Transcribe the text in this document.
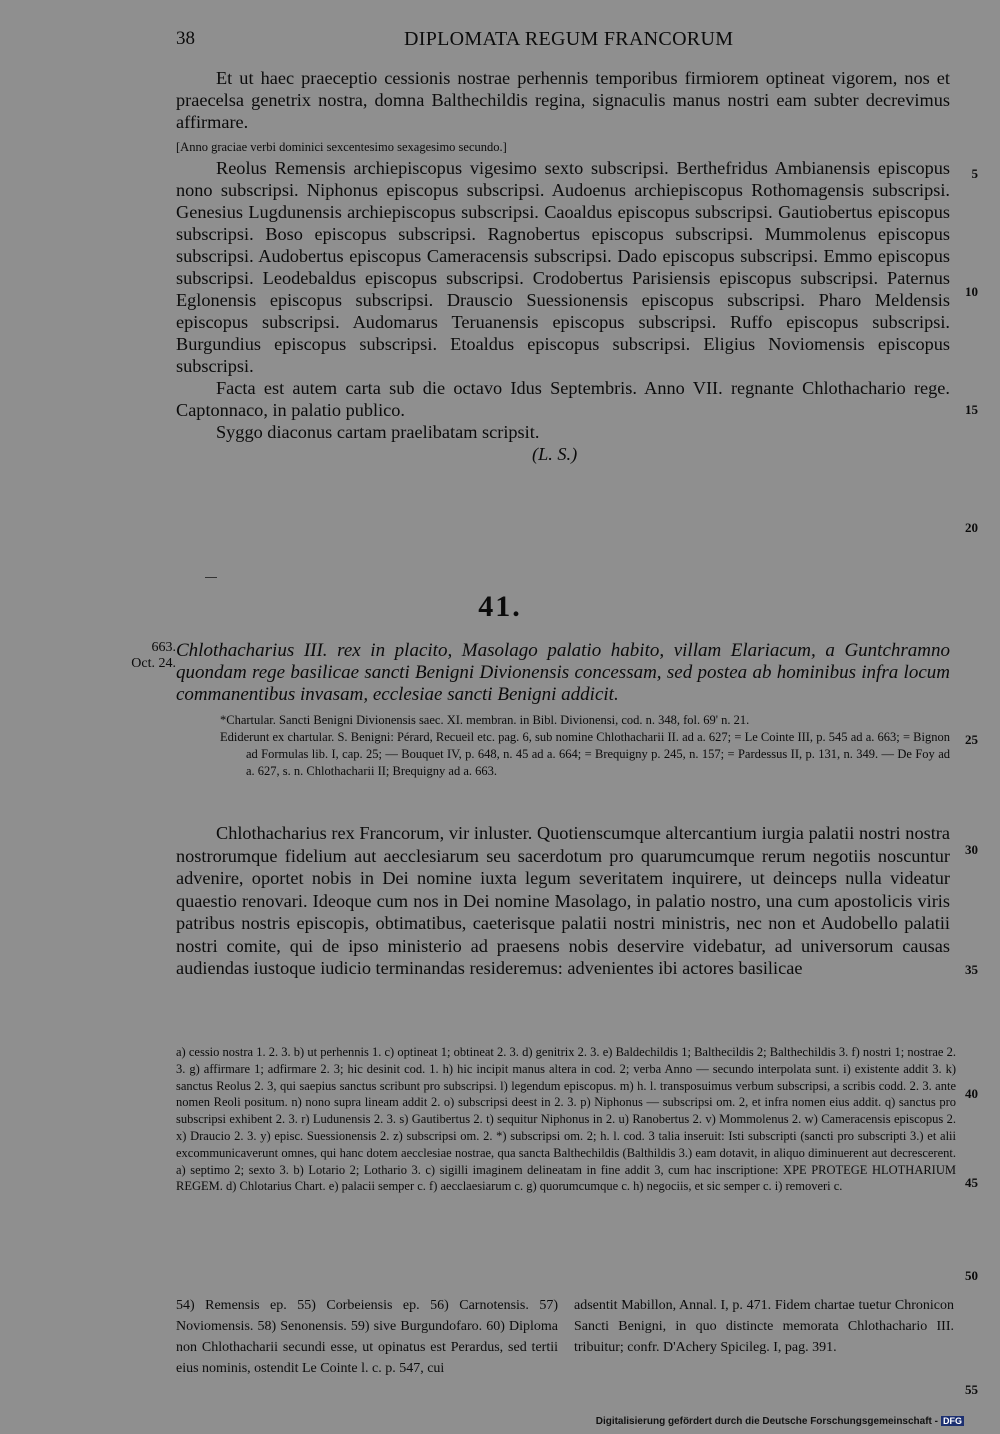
38	DIPLOMATA REGUM FRANCORUM
5
10
15
20
25
30
35
40
45
50
55

Et ut haec praeceptio cessionis nostrae perhennis temporibus firmiorem optineat vigorem, nos et praecelsa genetrix nostra, domna Balthechildis regina, signaculis manus nostri eam subter decrevimus affirmare.

[Anno graciae verbi dominici sexcentesimo sexagesimo secundo.]

Reolus Remensis archiepiscopus vigesimo sexto subscripsi. Berthefridus Ambianensis episcopus nono subscripsi. Niphonus episcopus subscripsi. Audoenus archiepiscopus Rothomagensis subscripsi. Genesius Lugdunensis archiepiscopus subscripsi. Caoaldus episcopus subscripsi. Gautiobertus episcopus subscripsi. Boso episcopus subscripsi. Ragnobertus episcopus subscripsi. Mummolenus episcopus subscripsi. Audobertus episcopus Cameracensis subscripsi. Dado episcopus subscripsi. Emmo episcopus subscripsi. Leodebaldus episcopus subscripsi. Crodobertus Parisiensis episcopus subscripsi. Paternus Eglonensis episcopus subscripsi. Drauscio Suessionensis episcopus subscripsi. Pharo Meldensis episcopus subscripsi. Audomarus Teruanensis episcopus subscripsi. Ruffo episcopus subscripsi. Burgundius episcopus subscripsi. Etoaldus episcopus subscripsi. Eligius Noviomensis episcopus subscripsi.

Facta est autem carta sub die octavo Idus Septembris. Anno VII. regnante Chlothachario rege. Captonnaco, in palatio publico.

Syggo diaconus cartam praelibatam scripsit.

(L. S.)

41.
663.
Oct. 24.
Chlothacharius III. rex in placito, Masolago palatio habito, villam Elariacum, a Guntchramno quondam rege basilicae sancti Benigni Divionensis concessam, sed postea ab hominibus infra locum commanentibus invasam, ecclesiae sancti Benigni addicit.
*Chartular. Sancti Benigni Divionensis saec. XI. membran. in Bibl. Divionensi, cod. n. 348, fol. 69' n. 21.
Ediderunt ex chartular. S. Benigni: Pérard, Recueil etc. pag. 6, sub nomine Chlothacharii II. ad a. 627; = Le Cointe III, p. 545 ad a. 663; = Bignon ad Formulas lib. I, cap. 25; — Bouquet IV, p. 648, n. 45 ad a. 664; = Brequigny p. 245, n. 157; = Pardessus II, p. 131, n. 349. — De Foy ad a. 627, s. n. Chlothacharii II; Brequigny ad a. 663.

Chlothacharius rex Francorum, vir inluster. Quotienscumque altercantium iurgia palatii nostri nostra nostrorumque fidelium aut aecclesiarum seu sacerdotum pro quarumcumque rerum negotiis noscuntur advenire, oportet nobis in Dei nomine iuxta legum severitatem inquirere, ut deinceps nulla videatur quaestio renovari. Ideoque cum nos in Dei nomine Masolago, in palatio nostro, una cum apostolicis viris patribus nostris episcopis, obtimatibus, caeterisque palatii nostri ministris, nec non et Audobello palatii nostri comite, qui de ipso ministerio ad praesens nobis deservire videbatur, ad universorum causas audiendas iustoque iudicio terminandas resideremus: advenientes ibi actores basilicae

a) cessio nostra 1. 2. 3. b) ut perhennis 1. c) optineat 1; obtineat 2. 3. d) genitrix 2. 3. e) Baldechildis 1; Balthecildis 2; Balthechildis 3. f) nostri 1; nostrae 2. 3. g) affirmare 1; adfirmare 2. 3; hic desinit cod. 1. h) hic incipit manus altera in cod. 2; verba Anno — secundo interpolata sunt. i) existente addit 3. k) sanctus Reolus 2. 3, qui saepius sanctus scribunt pro subscripsi. l) legendum episcopus. m) h. l. transposuimus verbum subscripsi, a scribis codd. 2. 3. ante nomen Reoli positum. n) nono supra lineam addit 2. o) subscripsi deest in 2. 3. p) Niphonus — subscripsi om. 2, et infra nomen eius addit. q) sanctus pro subscripsi exhibent 2. 3. r) Ludunensis 2. 3. s) Gautibertus 2. t) sequitur Niphonus in 2. u) Ranobertus 2. v) Mommolenus 2. w) Cameracensis episcopus 2. x) Draucio 2. 3. y) episc. Suessionensis 2. z) subscripsi om. 2. *) subscripsi om. 2; h. l. cod. 3 talia inseruit: Isti subscripti (sancti pro subscripti 3.) et alii excommunicaverunt omnes, qui hanc dotem aecclesiae nostrae, qua sancta Balthechildis (Balthildis 3.) eam dotavit, in aliquo diminuerent aut decrescerent. a) septimo 2; sexto 3. b) Lotario 2; Lothario 3. c) sigilli imaginem delineatam in fine addit 3, cum hac inscriptione: XPE PROTEGE HLOTHARIUM REGEM. d) Chlotarius Chart. e) palacii semper c. f) aecclaesiarum c. g) quorumcumque c. h) negociis, et sic semper c. i) removeri c.
54) Remensis ep. 55) Corbeiensis ep. 56) Carnotensis. 57) Noviomensis. 58) Senonensis. 59) sive Burgundofaro. 60) Diploma non Chlothacharii secundi esse, ut opinatus est Perardus, sed tertii eius nominis, ostendit Le Cointe l. c. p. 547, cui
adsentit Mabillon, Annal. I, p. 471. Fidem chartae tuetur Chronicon Sancti Benigni, in quo distincte memorata Chlothachario III. tribuitur; confr. D'Achery Spicileg. I, pag. 391.
Digitalisierung gefördert durch die Deutsche Forschungsgemeinschaft - DFG
